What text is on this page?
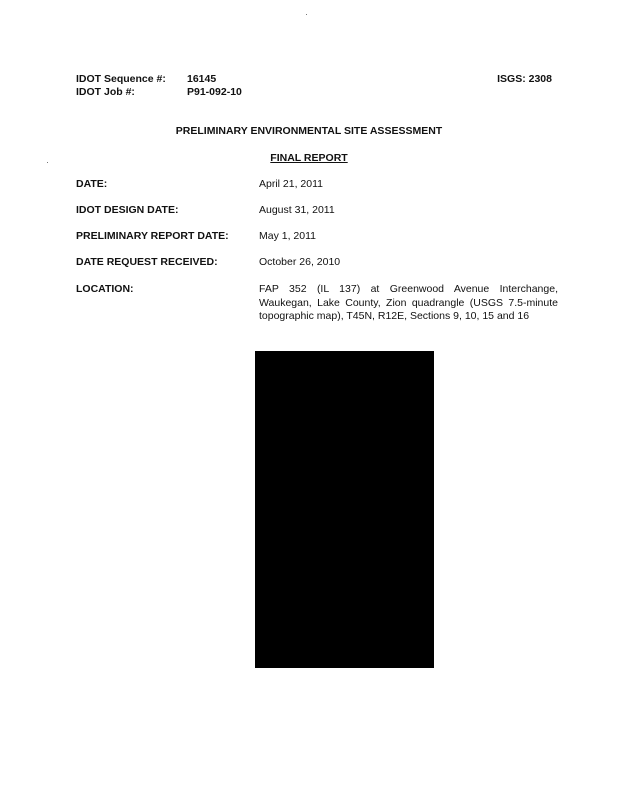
IDOT Sequence #: 16145	ISGS: 2308
IDOT Job #:	P91-092-10
PRELIMINARY ENVIRONMENTAL SITE ASSESSMENT
FINAL REPORT
DATE:	April 21, 2011
IDOT DESIGN DATE:	August 31, 2011
PRELIMINARY REPORT DATE:	May 1, 2011
DATE REQUEST RECEIVED:	October 26, 2010
LOCATION:	FAP 352 (IL 137) at Greenwood Avenue Interchange, Waukegan, Lake County, Zion quadrangle (USGS 7.5-minute topographic map), T45N, R12E, Sections 9, 10, 15 and 16
